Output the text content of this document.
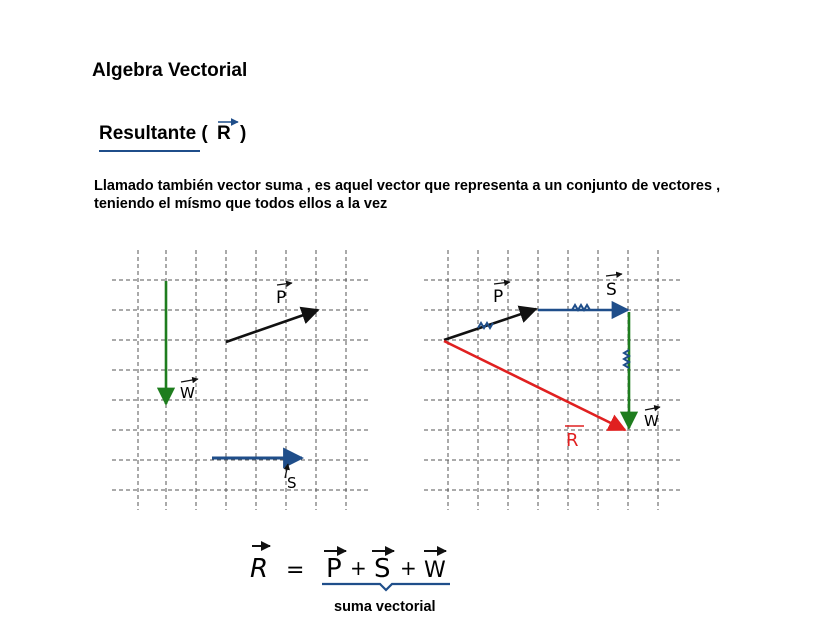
Algebra Vectorial
Resultante ( R )
Llamado también vector suma , es aquel vector que representa a un conjunto de vectores , teniendo el mísmo que todos ellos a la vez
suma vectorial
P
W
S
P	S
W
R
R = P + S + W
